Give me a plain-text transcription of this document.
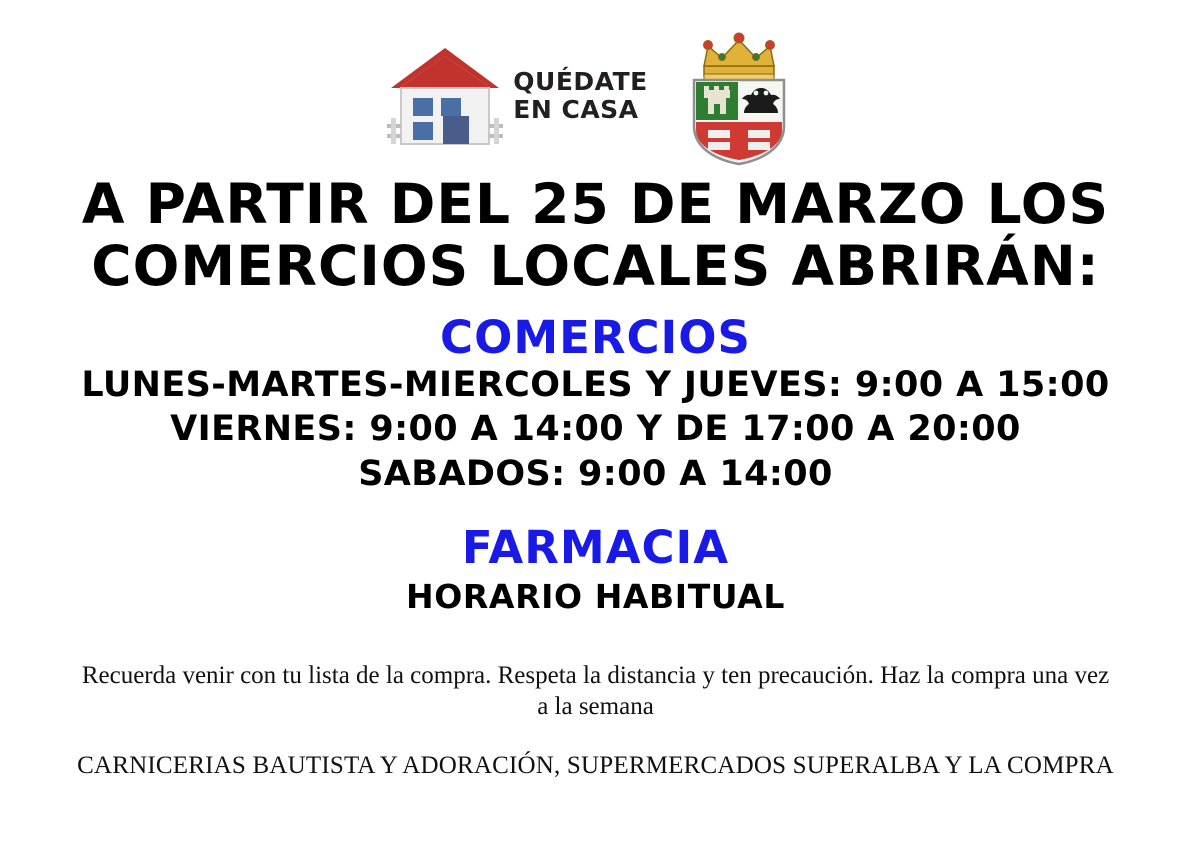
QUÉDATE
EN CASA
A PARTIR DEL 25 DE MARZO LOS
COMERCIOS LOCALES ABRIRÁN:
COMERCIOS
LUNES-MARTES-MIERCOLES Y JUEVES: 9:00 A 15:00
VIERNES: 9:00 A 14:00 Y DE 17:00 A 20:00
SABADOS: 9:00 A 14:00
FARMACIA
HORARIO HABITUAL
Recuerda venir con tu lista de la compra. Respeta la distancia y ten precaución. Haz la compra una vez a la semana
CARNICERIAS BAUTISTA Y ADORACIÓN, SUPERMERCADOS SUPERALBA Y LA COMPRA
